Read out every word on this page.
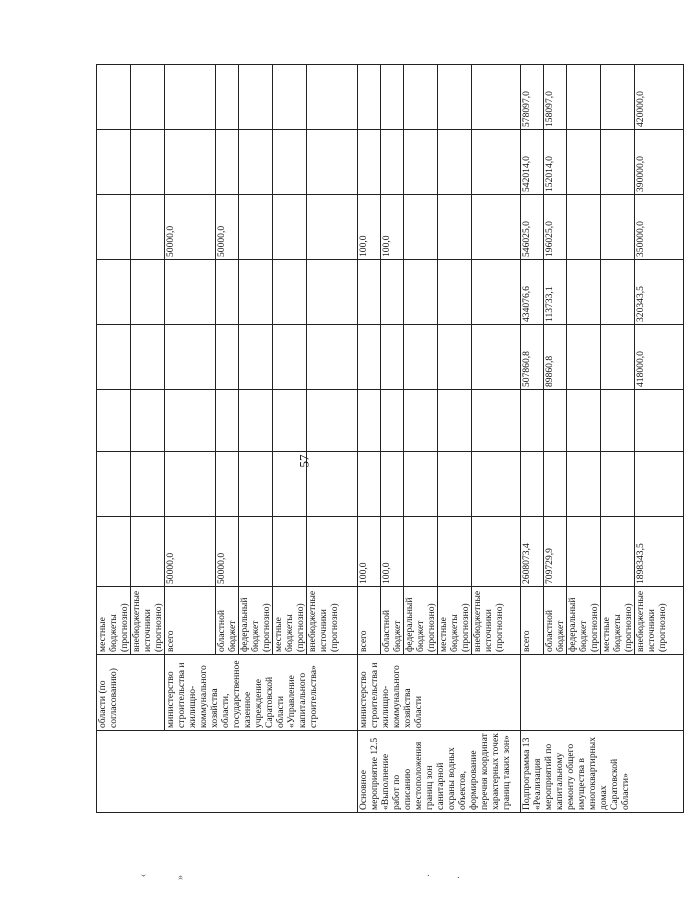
	области (по согласованию)	местные бюджеты (прогнозно)								
		внебюджетные источники (прогнозно)								
	министерство строительства и жилищно-коммунального хозяйства области, государственное казенное учреждение Саратовской области «Управление капитального строительства»	всего	50000,0					50000,0		
		областной бюджет	50000,0					50000,0		
		федеральный бюджет (прогнозно)								
		местные бюджеты (прогнозно)								
		внебюджетные источники (прогнозно)								
Основное мероприятие 12.5 «Выполнение работ по описанию местоположения границ зон санитарной охраны водных объектов, формирование перечня координат характерных точек границ таких зон»	министерство строительства и жилищно-коммунального хозяйства области	всего	100,0					100,0		
		областной бюджет	100,0					100,0		
		федеральный бюджет (прогнозно)								
		местные бюджеты (прогнозно)								
		внебюджетные источники (прогнозно)								
Подпрограмма 13 «Реализация мероприятий по капитальному ремонту общего имущества в многоквартирных домах Саратовской области»		всего	2608073,4			507860,8	434076,6	546025,0	542014,0	578097,0
		областной бюджет	709729,9			89860,8	113733,1	196025,0	152014,0	158097,0
		федеральный бюджет (прогнозно)								
		местные бюджеты (прогнозно)								
		внебюджетные источники (прогнозно)	1898343,5			418000,0	320343,5	350000,0	390000,0	420000,0
57
‹	»	·
·
